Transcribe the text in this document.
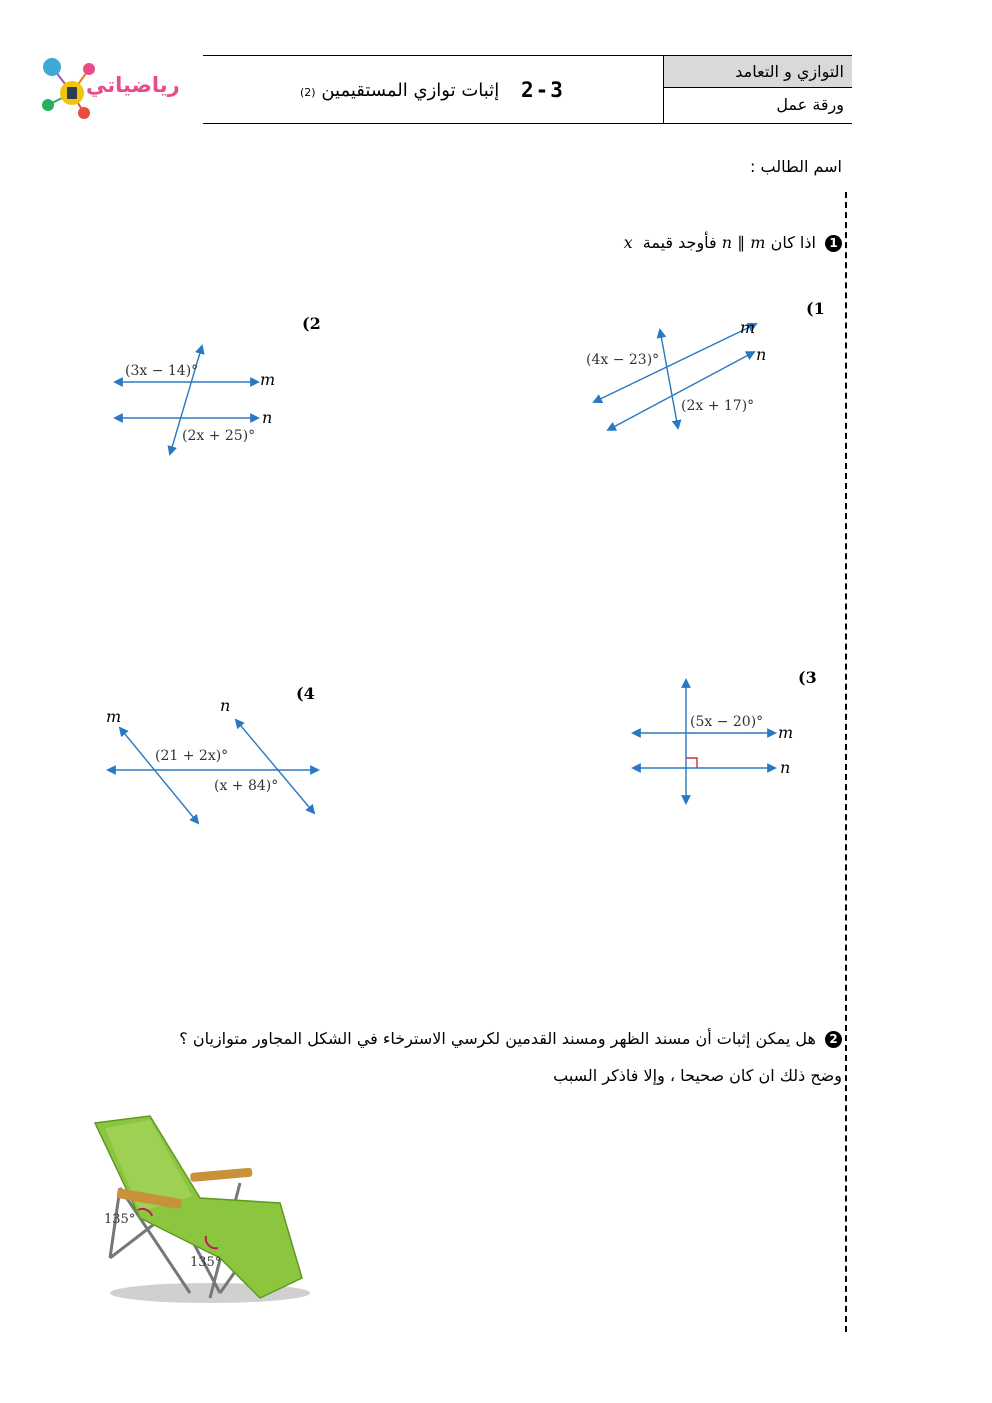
رياضياتي
التوازي و التعامد
ورقة عمل
2-3
إثبات توازي المستقيمين (2)
اسم الطالب :
1 اذا كان n ∥ m فأوجد قيمة  x
(1
m
n
(4x − 23)°
(2x + 17)°
(2
m
n
(3x − 14)°
(2x + 25)°
(3
m
n
(5x − 20)°
(4
m
n
(21 + 2x)°
(x + 84)°
2 هل يمكن إثبات أن مسند الظهر ومسند القدمين لكرسي الاسترخاء في الشكل المجاور متوازيان ؟
وضح ذلك ان كان صحيحا ، وإلا فاذكر السبب
135°
135°
